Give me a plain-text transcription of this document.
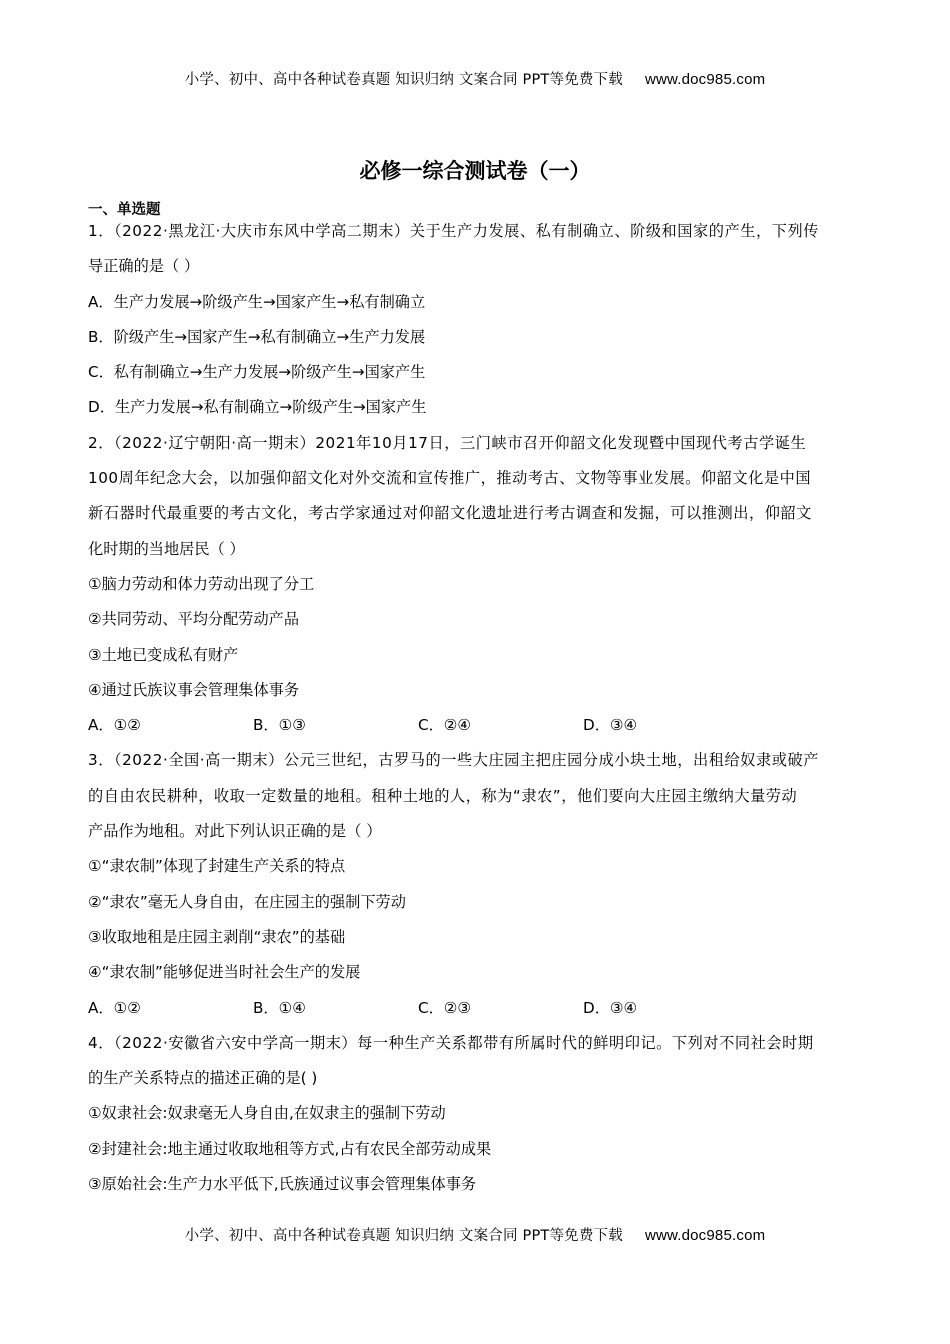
小学、初中、高中各种试卷真题 知识归纳 文案合同 PPT等免费下载 www.doc985.com
必修一综合测试卷（一）
一、单选题
1．（2022·黑龙江·大庆市东风中学高二期末）关于生产力发展、私有制确立、阶级和国家的产生，下列传
导正确的是（ ）
A．生产力发展→阶级产生→国家产生→私有制确立
B．阶级产生→国家产生→私有制确立→生产力发展
C．私有制确立→生产力发展→阶级产生→国家产生
D．生产力发展→私有制确立→阶级产生→国家产生
2．（2022·辽宁朝阳·高一期末）2021年10月17日，三门峡市召开仰韶文化发现暨中国现代考古学诞生
100周年纪念大会，以加强仰韶文化对外交流和宣传推广，推动考古、文物等事业发展。仰韶文化是中国
新石器时代最重要的考古文化，考古学家通过对仰韶文化遗址进行考古调查和发掘，可以推测出，仰韶文
化时期的当地居民（ ）
①脑力劳动和体力劳动出现了分工
②共同劳动、平均分配劳动产品
③土地已变成私有财产
④通过氏族议事会管理集体事务
A．①②	B．①③	C．②④	D．③④
3．（2022·全国·高一期末）公元三世纪，古罗马的一些大庄园主把庄园分成小块土地，出租给奴隶或破产
的自由农民耕种，收取一定数量的地租。租种土地的人，称为“隶农”，他们要向大庄园主缴纳大量劳动
产品作为地租。对此下列认识正确的是（ ）
①“隶农制”体现了封建生产关系的特点
②“隶农”毫无人身自由，在庄园主的强制下劳动
③收取地租是庄园主剥削“隶农”的基础
④“隶农制”能够促进当时社会生产的发展
A．①②	B．①④	C．②③	D．③④
4．（2022·安徽省六安中学高一期末）每一种生产关系都带有所属时代的鲜明印记。下列对不同社会时期
的生产关系特点的描述正确的是( )
①奴隶社会:奴隶毫无人身自由,在奴隶主的强制下劳动
②封建社会:地主通过收取地租等方式,占有农民全部劳动成果
③原始社会:生产力水平低下,氏族通过议事会管理集体事务
小学、初中、高中各种试卷真题 知识归纳 文案合同 PPT等免费下载 www.doc985.com
